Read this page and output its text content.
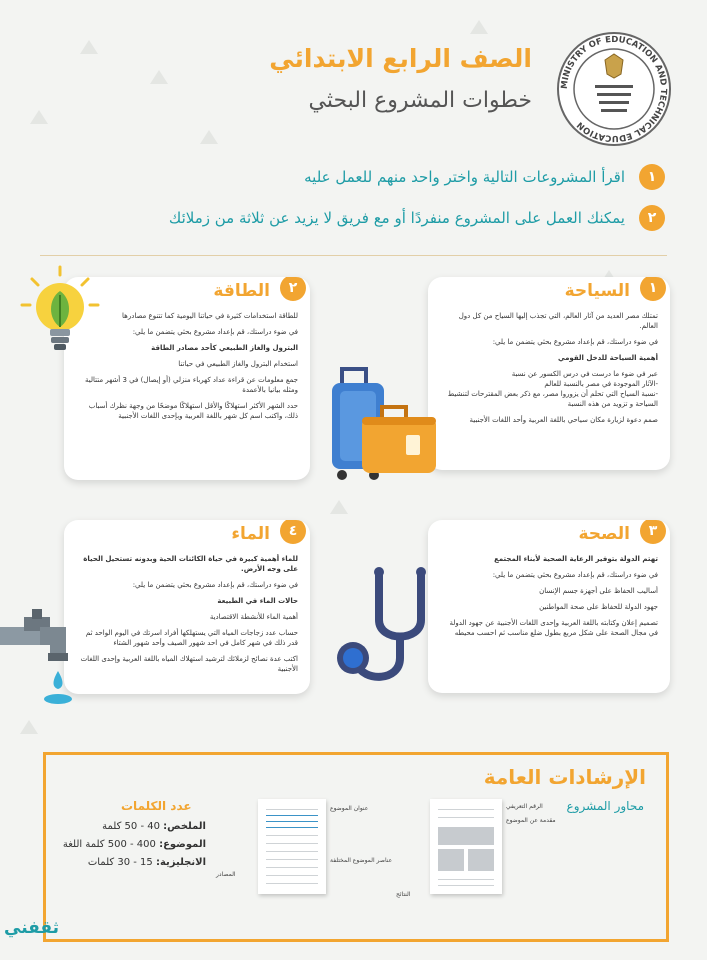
الصف الرابع الابتدائي
خطوات المشروع البحثي
MINISTRY OF EDUCATION AND TECHNICAL EDUCATION
١
اقرأ المشروعات التالية واختر واحد منهم للعمل عليه
٢
يمكنك العمل على المشروع منفردًا أو مع فريق لا يزيد عن ثلاثة من زملائك
١
السياحة

تمتلك مصر العديد من آثار العالم، التي تجذب إليها السياح من كل دول العالم.

في ضوء دراستك، قم بإعداد مشروع بحثي يتضمن ما يلي:

أهمية السياحة للدخل القومي

عبر في ضوء ما درست في درس الكسور عن نسبة

-الآثار الموجودة في مصر بالنسبة للعالم

-نسبة السياح التي تحلم أن يزوروا مصر، مع ذكر بعض المقترحات لتنشيط السياحة و تزويد من هذه النسبة

صمم دعوة لزيارة مكان سياحي باللغة العربية وأحد اللغات الأجنبية

٢
الطاقة

للطاقة استخدامات كثيرة في حياتنا اليومية كما تتنوع مصادرها

في ضوء دراستك، قم بإعداد مشروع بحثي يتضمن ما يلي:

البترول والغاز الطبيعي كأحد مصادر الطاقة

استخدام البترول والغاز الطبيعي في حياتنا

جمع معلومات عن قراءة عداد كهرباء منزلي (أو إيصال) في 3 أشهر متتالية ومثله بيانيا بالأعمدة

حدد الشهر الأكثر استهلاكًا والأقل استهلاكًا موضحًا من وجهة نظرك أسباب ذلك، واكتب اسم كل شهر باللغة العربية وبإحدى اللغات الأجنبية

٣
الصحة

تهتم الدولة بتوفير الرعاية الصحية لأبناء المجتمع

في ضوء دراستك، قم بإعداد مشروع بحثي يتضمن ما يلي:

أساليب الحفاظ على أجهزة جسم الإنسان

جهود الدولة للحفاظ على صحة المواطنين

تصميم إعلان وكتابته باللغة العربية وإحدى اللغات الأجنبية عن جهود الدولة في مجال الصحة على شكل مربع بطول ضلع مناسب ثم احسب محيطه

٤
الماء

للماء أهمية كبيرة في حياة الكائنات الحية وبدونه تستحيل الحياة على وجه الأرض.

في ضوء دراستك، قم بإعداد مشروع بحثي يتضمن ما يلي:

حالات الماء في الطبيعة

أهمية الماء للأنشطة الاقتصادية

حساب عدد زجاجات المياه التي يستهلكها أفراد اسرتك في اليوم الواحد ثم قدر ذلك في شهر كامل في احد شهور الصيف وأحد شهور الشتاء

اكتب عدة نصائح لزملائك لترشيد استهلاك المياه باللغة العربية وإحدى اللغات الأجنبية

الإرشادات العامة
محاور المشروع
عدد الكلمات
الملخص: 40 - 50 كلمة
الموضوع: 400 - 500 كلمة اللغة
الانجليزية: 15 - 30 كلمات
المصادر
عنوان الموضوع
عناصر الموضوع المختلفة
الرقم التعريفي
مقدمة عن الموضوع
النتائج
ثقفني
